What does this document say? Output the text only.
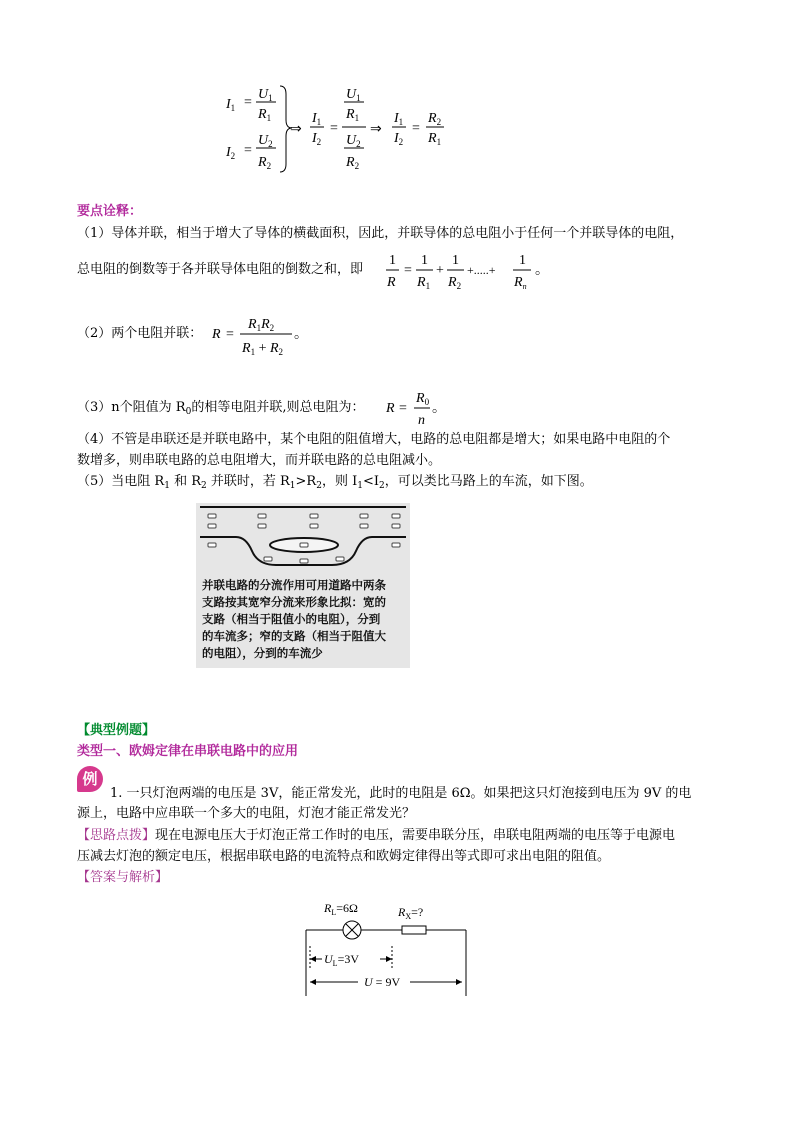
$I_1$ =
$U_1$
$R_1$
$I_2$ =
$U_2$
$R_2$
⇒
$I_1$
$I_2$
=
$U_1$
$R_1$
$U_2$
$R_2$
⇒
$I_1$
$I_2$
=
$R_2$
$R_1$
要点诠释：
（1）导体并联，相当于增大了导体的横截面积，因此，并联导体的总电阻小于任何一个并联导体的电阻，
总电阻的倒数等于各并联导体电阻的倒数之和，即
1
R
=
1
$R_1$
+
1
$R_2$
+.....+
1
$R_n$
。
（2）两个电阻并联： R =
$R_1R_2$
$R_1 + R_2$
。
（3）n个阻值为 $R_0$的相等电阻并联,则总电阻为： R =
$R_0$
n
。
（4）不管是串联还是并联电路中，某个电阻的阻值增大，电路的总电阻都是增大；如果电路中电阻的个
数增多，则串联电路的总电阻增大，而并联电路的总电阻减小。
（5）当电阻 $R_1$ 和 $R_2$ 并联时，若 $R_1>R_2$，则 $I_1<I_2$，可以类比马路上的车流，如下图。
并联电路的分流作用可用道路中两条
支路按其宽窄分流来形象比拟：宽的
支路（相当于阻值小的电阻），分到
的车流多；窄的支路（相当于阻值大
的电阻），分到的车流少
【典型例题】
类型一、欧姆定律在串联电路中的应用
例
1. 一只灯泡两端的电压是 3V，能正常发光，此时的电阻是 6Ω。如果把这只灯泡接到电压为 9V 的电
源上，电路中应串联一个多大的电阻，灯泡才能正常发光？
【思路点拨】现在电源电压大于灯泡正常工作时的电压，需要串联分压，串联电阻两端的电压等于电源电
压减去灯泡的额定电压，根据串联电路的电流特点和欧姆定律得出等式即可求出电阻的阻值。
【答案与解析】
$R_L=6\Omega$	$R_X=$?
$U_L=3V$
U = 9V
